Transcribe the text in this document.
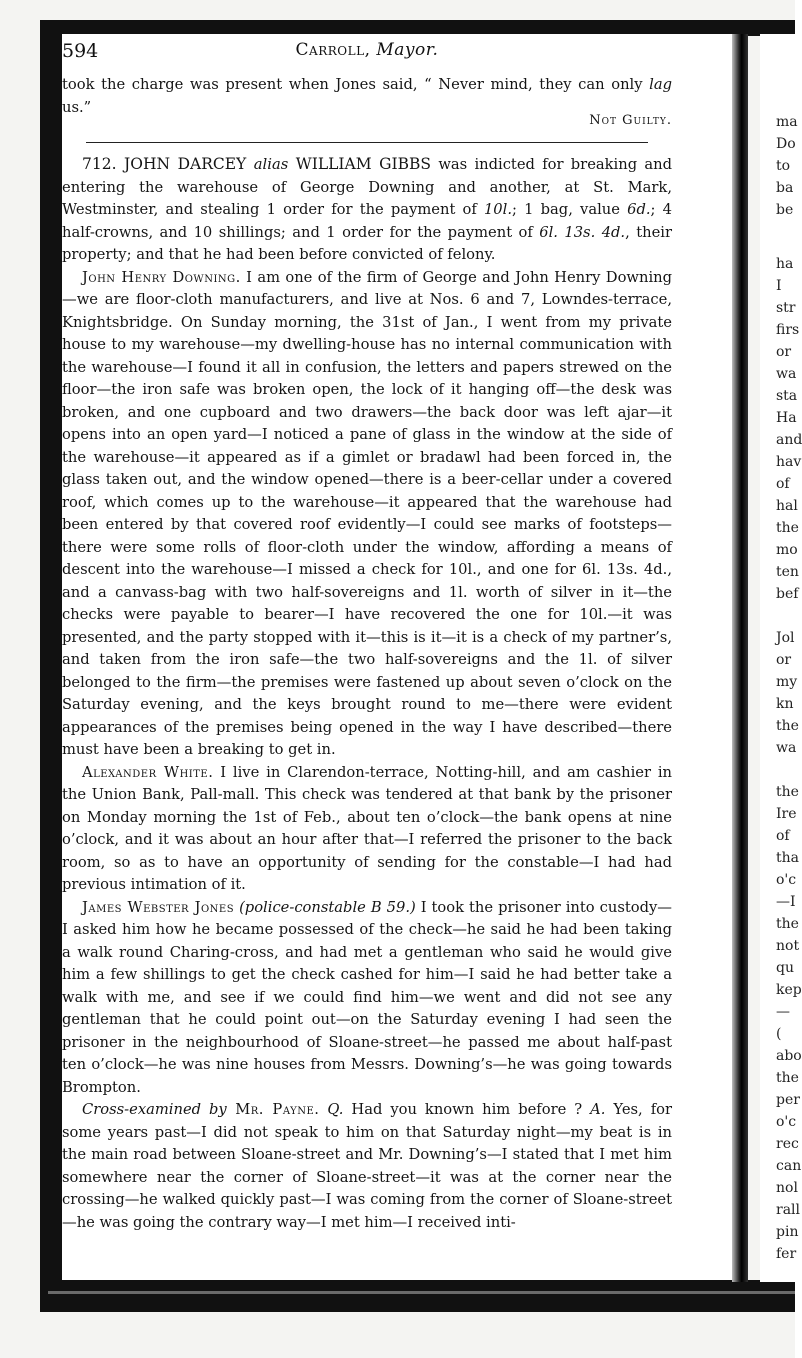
594	Carroll, Mayor.

took the charge was present when Jones said, “ Never mind, they can only lag us.”

Not Guilty.

712. JOHN DARCEY alias WILLIAM GIBBS was indicted for breaking and entering the warehouse of George Downing and another, at St. Mark, Westminster, and stealing 1 order for the payment of 10l.; 1 bag, value 6d.; 4 half-crowns, and 10 shillings; and 1 order for the payment of 6l. 13s. 4d., their property; and that he had been before convicted of felony.

John Henry Downing. I am one of the firm of George and John Henry Downing—we are floor-cloth manufacturers, and live at Nos. 6 and 7, Lowndes-terrace, Knightsbridge. On Sunday morning, the 31st of Jan., I went from my private house to my warehouse—my dwelling-house has no internal communication with the warehouse—I found it all in confusion, the letters and papers strewed on the floor—the iron safe was broken open, the lock of it hanging off—the desk was broken, and one cupboard and two drawers—the back door was left ajar—it opens into an open yard—I noticed a pane of glass in the window at the side of the warehouse—it appeared as if a gimlet or bradawl had been forced in, the glass taken out, and the window opened—there is a beer-cellar under a covered roof, which comes up to the warehouse—it appeared that the warehouse had been entered by that covered roof evidently—I could see marks of footsteps—there were some rolls of floor-cloth under the window, affording a means of descent into the warehouse—I missed a check for 10l., and one for 6l. 13s. 4d., and a canvass-bag with two half-sovereigns and 1l. worth of silver in it—the checks were payable to bearer—I have recovered the one for 10l.—it was presented, and the party stopped with it—this is it—it is a check of my partner’s, and taken from the iron safe—the two half-sovereigns and the 1l. of silver belonged to the firm—the premises were fastened up about seven o’clock on the Saturday evening, and the keys brought round to me—there were evident appearances of the premises being opened in the way I have described—there must have been a breaking to get in.

Alexander White. I live in Clarendon-terrace, Notting-hill, and am cashier in the Union Bank, Pall-mall. This check was tendered at that bank by the prisoner on Monday morning the 1st of Feb., about ten o’clock—the bank opens at nine o’clock, and it was about an hour after that—I referred the prisoner to the back room, so as to have an opportunity of sending for the constable—I had had previous intimation of it.

James Webster Jones (police-constable B 59.) I took the prisoner into custody—I asked him how he became possessed of the check—he said he had been taking a walk round Charing-cross, and had met a gentleman who said he would give him a few shillings to get the check cashed for him—I said he had better take a walk with me, and see if we could find him—we went and did not see any gentleman that he could point out—on the Saturday evening I had seen the prisoner in the neighbourhood of Sloane-street—he passed me about half-past ten o’clock—he was nine houses from Messrs. Downing’s—he was going towards Brompton.

Cross-examined by Mr. Payne. Q. Had you known him before ? A. Yes, for some years past—I did not speak to him on that Saturday night—my beat is in the main road between Sloane-street and Mr. Downing’s—I stated that I met him somewhere near the corner of Sloane-street—it was at the corner near the crossing—he walked quickly past—I was coming from the corner of Sloane-street—he was going the contrary way—I met him—I received inti-

ma
Do
to
ba
be
ha
I
str
firs
or
wa
sta
Ha
and
hav
of
hal
the
mo
ten
bef
Jol
or
my
kn
the
wa
the
Ire
of
tha
o'c
—I
the
not
qu
kep
—
(
abo
the
per
o'c
rec
can
nol
rall
pin
fer
